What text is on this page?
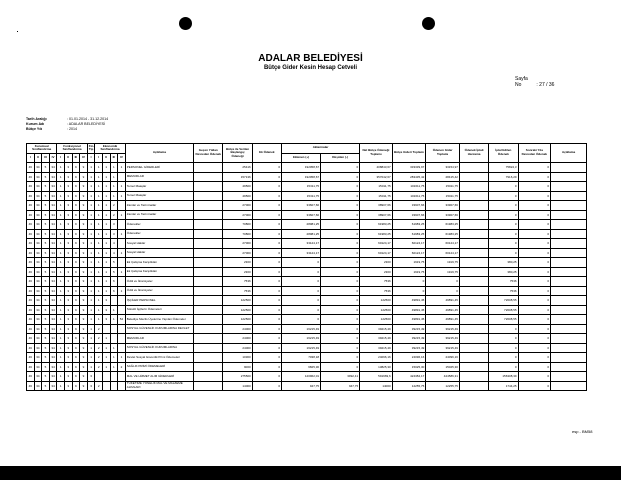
ADALAR BELEDİYESİ
Bütçe Gider Kesin Hesap Cetveli
Sayfa No	: 27 / 36
Tarih Aralığı	: 01.01.2014 - 31.12.2014
Kurum Adı	: ADALAR BELEDİYESİ
Bütçe Yılı	: 2014
Kurumsal Sınıflandırma				Fonksiyonel Sınıflandırma				Fin. Tip	Ekonomik Sınıflandırma				Açıklama	Geçen Yıldan Devreden Ödenek	Bütçe ile Verilen Başlangıç Ödeneği	Ek Ödenek	Aktarmalar		Net Bütçe Ödeneği Toplamı	Bütçe Gideri Toplamı	Ödenen Gider Toplamı	Ödenek İptali Harcama	İptal Edilen Ödenek	Sonraki Yıla Devreden Ödenek	Açıklama
I	II	III	IV	I	II	III	IV	I	I	II	III	IV					Eklenen (+)	Düşülen (-)							

46	34	5	34	1	3	9	9	1	1	1	1	1	PERSONEL GİDERLERİ		25416	0	192058,67	0	408843,67	333339,97	33154,97		75824,3	0	
46	34	5	34	1	3	9	9	1	1	1	1		MEMURLAR		157136	0	192058,67	0	357042,67	283435,42	28415,42		7916,29	0	
46	34	5	34	1	3	9	9	1	1	1	1	1	Temel Maaşlar		49500	0	15311,75	0	15011,75	101611,75	15011,75		0	0	
46	34	5	34	1	3	9	9	1	1	1	1	1	Temel Maaşlar		49500	0	15311,75	0	15011,75	101611,75	15011,75		0	0	
46	34	5	34	1	3	9	9	1	1	1	2		Zamlar ve Tazminatlar		27000	0	33607,66	0	38907,66	33907,66	33907,66		0	0	
46	34	5	34	1	3	9	9	1	1	1	2	1	Zamlar ve Tazminatlar		27000	0	33607,66	0	38907,66	33907,66	33907,66		0	0	
46	34	5	34	1	3	9	9	1	1	1	3		Ödenekler		70800	0	28081,25	0	61983,25	61983,25	61983,25		0	0	
46	34	5	34	1	3	9	9	1	1	1	3	1	Ödenekler		70800	0	28081,25	0	61983,25	61983,25	61983,25		0	0	
46	34	5	34	1	3	9	9	1	1	1	4		Sosyal Haklar		27000	0	33124,17	0	60124,17	60124,17	60124,17		0	0	
46	34	5	34	1	3	9	9	1	1	1	4	1	Sosyal Haklar		27000	0	33124,17	0	60124,17	60124,17	60124,17		0	0	
46	34	5	34	1	3	9	9	1	1	1	5		Ek Çalışma Karşılıkları		2300	0	0	0	2300	1919,75	1919,75		380,25	0	
46	34	5	34	1	3	9	9	1	1	1	5	1	Ek Çalışma Karşılıkları		2300	0	0	0	2300	1919,75	1919,75		380,25	0	
46	34	5	34	1	3	9	9	1	1	1	6		Ödül ve İkramiyeler		7536	0	0	0	7536	0	0		7536	0	
46	34	5	34	1	3	9	9	1	1	1	6	1	Ödül ve İkramiyeler		7536	0	0	0	7536	0	0		7536	0	
46	34	5	34	1	3	9	9	1	1	3			İŞÇİLER PERSONEL		122500	0	0	0	122500	49891,45	49891,45		72608,55	0	
46	34	5	34	1	3	9	9	1	1	3	1		Sürekli İşçilerin Ödemeleri		122500	0	0	0	122500	49891,45	49891,45		72608,55	0	
46	34	5	34	1	3	9	9	1	1	3	1	52	Belediye Meclis Üyelerine Yapılan Ödemeler		122500	0	0	0	122500	49891,45	49891,45		72608,55	0	
46	34	5	34	1	3	9	9	1	2				SOSYAL GÜVENLİK KURUMLARINA DEVLET		24000	0	16215,49	0	39215,49	39215,49	39215,49		0	0	
46	34	5	34	1	3	9	9	1	2	1			MEMURLAR		24000	0	16215,49	0	39215,49	39215,49	39215,49		0	0	
46	34	5	34	1	3	9	9	1	2	1	1		SOSYAL GÜVENLİK KURUMLARINA		24000	0	16215,49	0	39215,49	39215,49	39215,49		0	0	
46	34	5	34	1	3	9	9	1	2	1	1	1	Devlet Sosyal Güvenlik Primi Ödemeleri		10300	0	7038,18	0	24096,16	24096,16	24096,16		0	0	
46	34	5	34	1	3	9	9	1	2	1	1	2	SAĞLIK PRİMİ ÖDEMELERİ		9000	0	6825,30	0	13825,30	15025,30	15025,30		0	0	
46	34	5	34	1	3	9	9	3					MAL VE HİZMET ALIM GİDERLERİ		275500	0	120962,01	3992,41	591969,6	424384,17	444586,31		156308,39	0	
46	34	5	34	1	3	9	9	3	2				TÜKETİME YÖNELİK MAL VE MALZEME ALIMLARI		14000	0	947,75	947,75	14000	12255,75	12255,75		1744,25	0	
esp - BM58
